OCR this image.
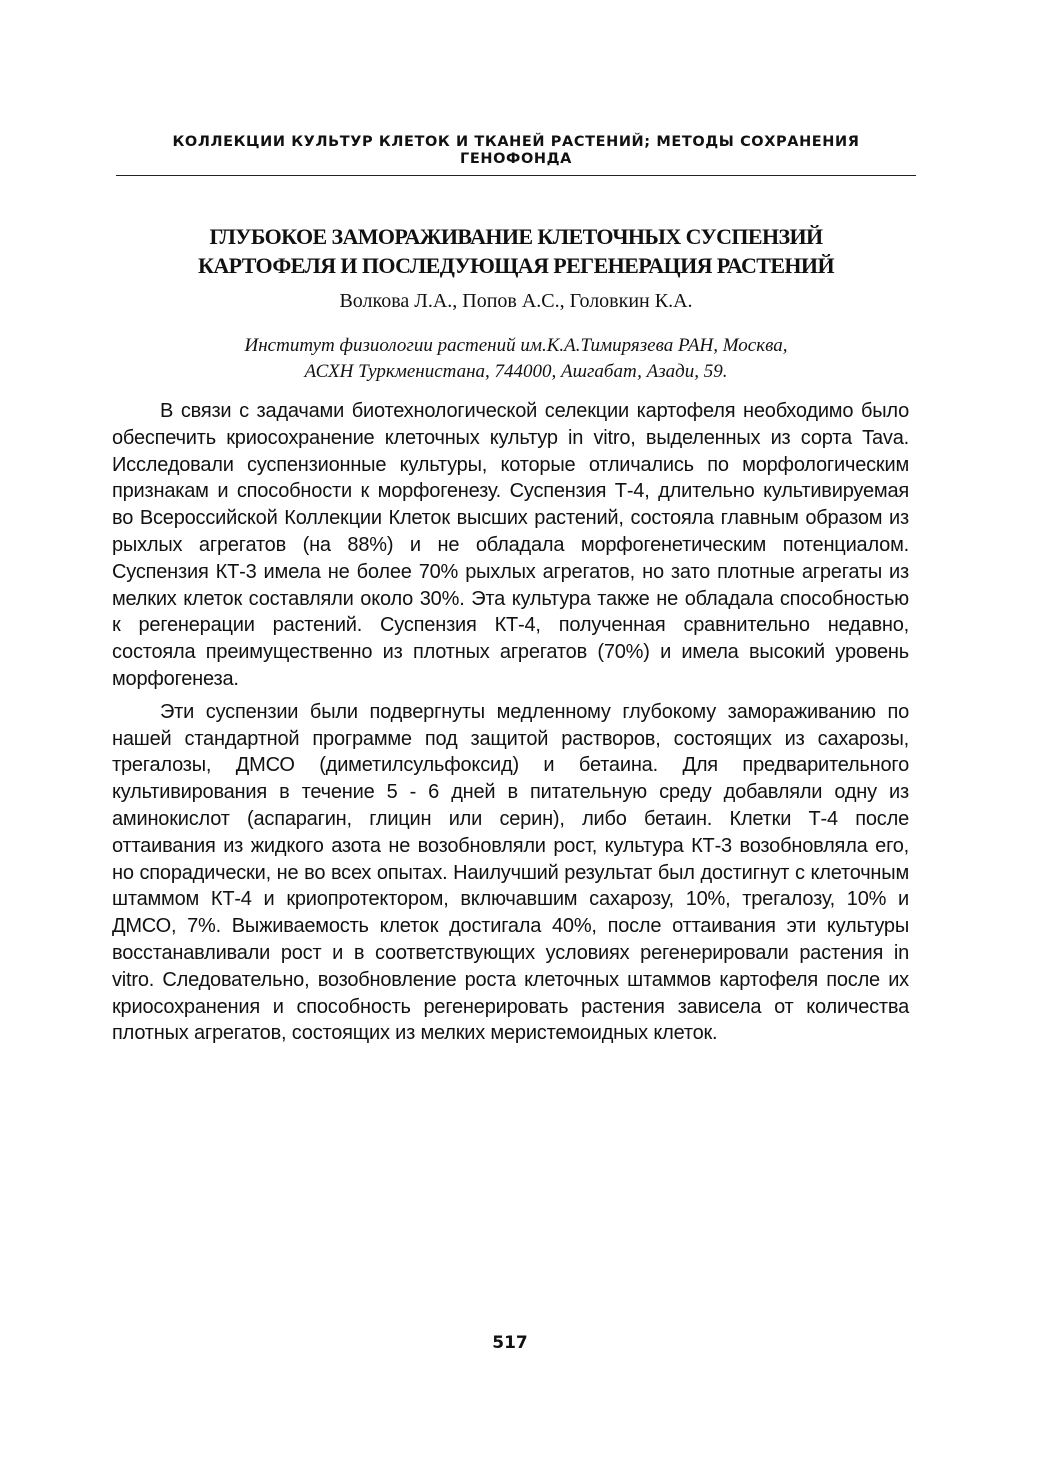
КОЛЛЕКЦИИ КУЛЬТУР КЛЕТОК И ТКАНЕЙ РАСТЕНИЙ; МЕТОДЫ СОХРАНЕНИЯ
ГЕНОФОНДА
ГЛУБОКОЕ ЗАМОРАЖИВАНИЕ КЛЕТОЧНЫХ СУСПЕНЗИЙ
КАРТОФЕЛЯ И ПОСЛЕДУЮЩАЯ РЕГЕНЕРАЦИЯ РАСТЕНИЙ
Волкова Л.А., Попов А.С., Головкин К.А.
Институт физиологии растений им.К.А.Тимирязева РАН, Москва,
АСХН Туркменистана, 744000, Ашгабат, Азади, 59.

В связи с задачами биотехнологической селекции картофеля необходимо было обеспечить криосохранение клеточных культур in vitro, выделенных из сорта Tava. Исследовали суспензионные культуры, которые отличались по морфологическим признакам и способности к морфогенезу. Суспензия Т-4, длительно культивируемая во Всероссийской Коллекции Клеток высших растений, состояла главным образом из рыхлых агрегатов (на 88%) и не обладала морфогенетическим потенциалом. Суспензия КТ-3 имела не более 70% рыхлых агрегатов, но зато плотные агрегаты из мелких клеток составляли около 30%. Эта культура также не обладала способностью к регенерации растений. Суспензия КТ-4, полученная сравнительно недавно, состояла преимущественно из плотных агрегатов (70%) и имела высокий уровень морфогенеза.

Эти суспензии были подвергнуты медленному глубокому замораживанию по нашей стандартной программе под защитой растворов, состоящих из сахарозы, трегалозы, ДМСО (диметилсульфоксид) и бетаина. Для предварительного культивирования в течение 5 - 6 дней в питательную среду добавляли одну из аминокислот (аспарагин, глицин или серин), либо бетаин. Клетки Т-4 после оттаивания из жидкого азота не возобновляли рост, культура КТ-3 возобновляла его, но спорадически, не во всех опытах. Наилучший результат был достигнут с клеточным штаммом КТ-4 и криопротектором, включавшим сахарозу, 10%, трегалозу, 10% и ДМСО, 7%. Выживаемость клеток достигала 40%, после оттаивания эти культуры восстанавливали рост и в соответствующих условиях регенерировали растения in vitro. Следовательно, возобновление роста клеточных штаммов картофеля после их криосохранения и способность регенерировать растения зависела от количества плотных агрегатов, состоящих из мелких меристемоидных клеток.

517
